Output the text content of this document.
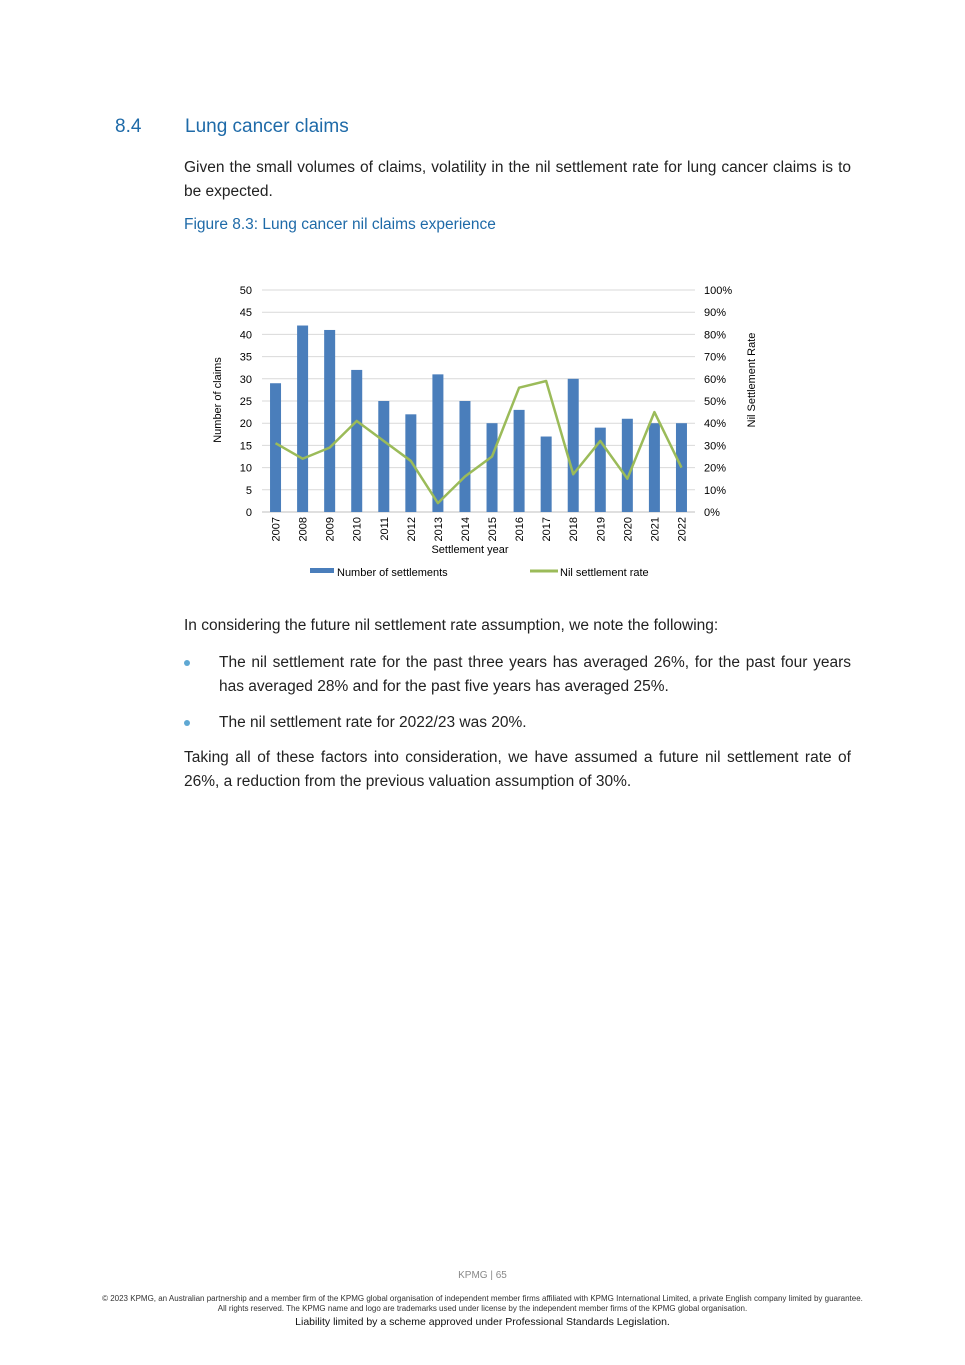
8.4 Lung cancer claims

Given the small volumes of claims, volatility in the nil settlement rate for lung cancer claims is to be expected.

Figure 8.3: Lung cancer nil claims experience
0
5
10
15
20
25
30
35
40
45
50
0%
10%
20%
30%
40%
50%
60%
70%
80%
90%
100%
2007 2008 2009 2010 2011 2012 2013 2014 2015 2016 2017 2018 2019 2020 2021 2022
Number of claims	Nil Settlement Rate
Settlement year
Number of settlements	Nil settlement rate

In considering the future nil settlement rate assumption, we note the following:

The nil settlement rate for the past three years has averaged 26%, for the past four years has averaged 28% and for the past five years has averaged 25%.
The nil settlement rate for 2022/23 was 20%.

Taking all of these factors into consideration, we have assumed a future nil settlement rate of 26%, a reduction from the previous valuation assumption of 30%.

KPMG | 65
© 2023 KPMG, an Australian partnership and a member firm of the KPMG global organisation of independent member firms affiliated with KPMG International Limited, a private English company limited by guarantee. All rights reserved. The KPMG name and logo are trademarks used under license by the independent member firms of the KPMG global organisation.
Liability limited by a scheme approved under Professional Standards Legislation.
